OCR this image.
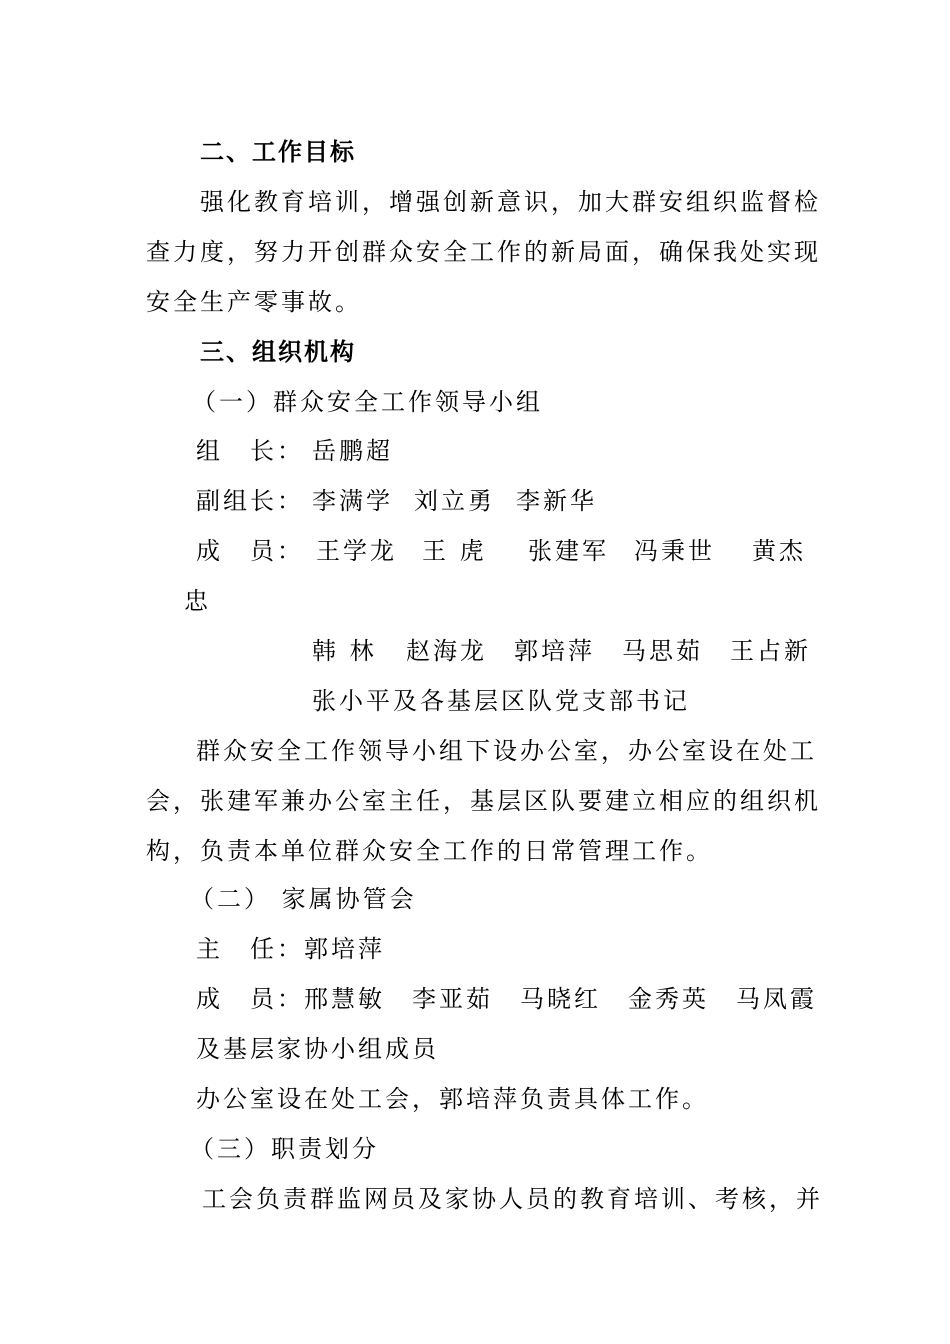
二、工作目标

强化教育培训，增强创新意识，加大群安组织监督检

查力度，努力开创群众安全工作的新局面，确保我处实现

安全生产零事故。

三、组织机构

（一）群众安全工作领导小组

组　长： 岳鹏超
副组长： 李满学 刘立勇 李新华
成　员： 王学龙 王 虎 张建军 冯秉世 黄杰

忠

韩 林 赵海龙 郭培萍 马思茹 王占新

张小平及各基层区队党支部书记

群众安全工作领导小组下设办公室，办公室设在处工

会，张建军兼办公室主任，基层区队要建立相应的组织机

构，负责本单位群众安全工作的日常管理工作。

（二） 家属协管会

主　任：郭培萍

成　员：邢慧敏　李亚茹　马晓红　金秀英　马凤霞

及基层家协小组成员

办公室设在处工会，郭培萍负责具体工作。

（三）职责划分

工会负责群监网员及家协人员的教育培训、考核，并
